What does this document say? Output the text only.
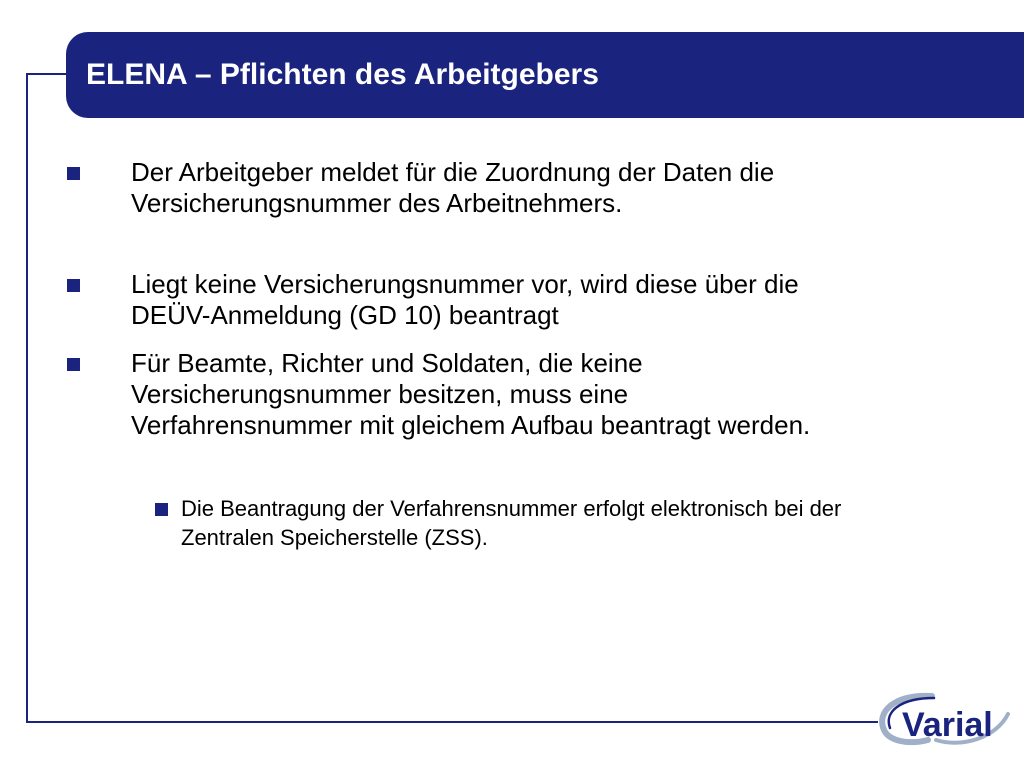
ELENA – Pflichten des Arbeitgebers
Der Arbeitgeber meldet für die Zuordnung der Daten die Versicherungsnummer des Arbeitnehmers.
Liegt keine Versicherungsnummer vor, wird diese über die DEÜV-Anmeldung (GD 10) beantragt
Für Beamte, Richter und Soldaten, die keine Versicherungsnummer besitzen, muss eine Verfahrensnummer mit gleichem Aufbau beantragt werden.
Die Beantragung der Verfahrensnummer erfolgt elektronisch bei der Zentralen Speicherstelle (ZSS).
Varial
